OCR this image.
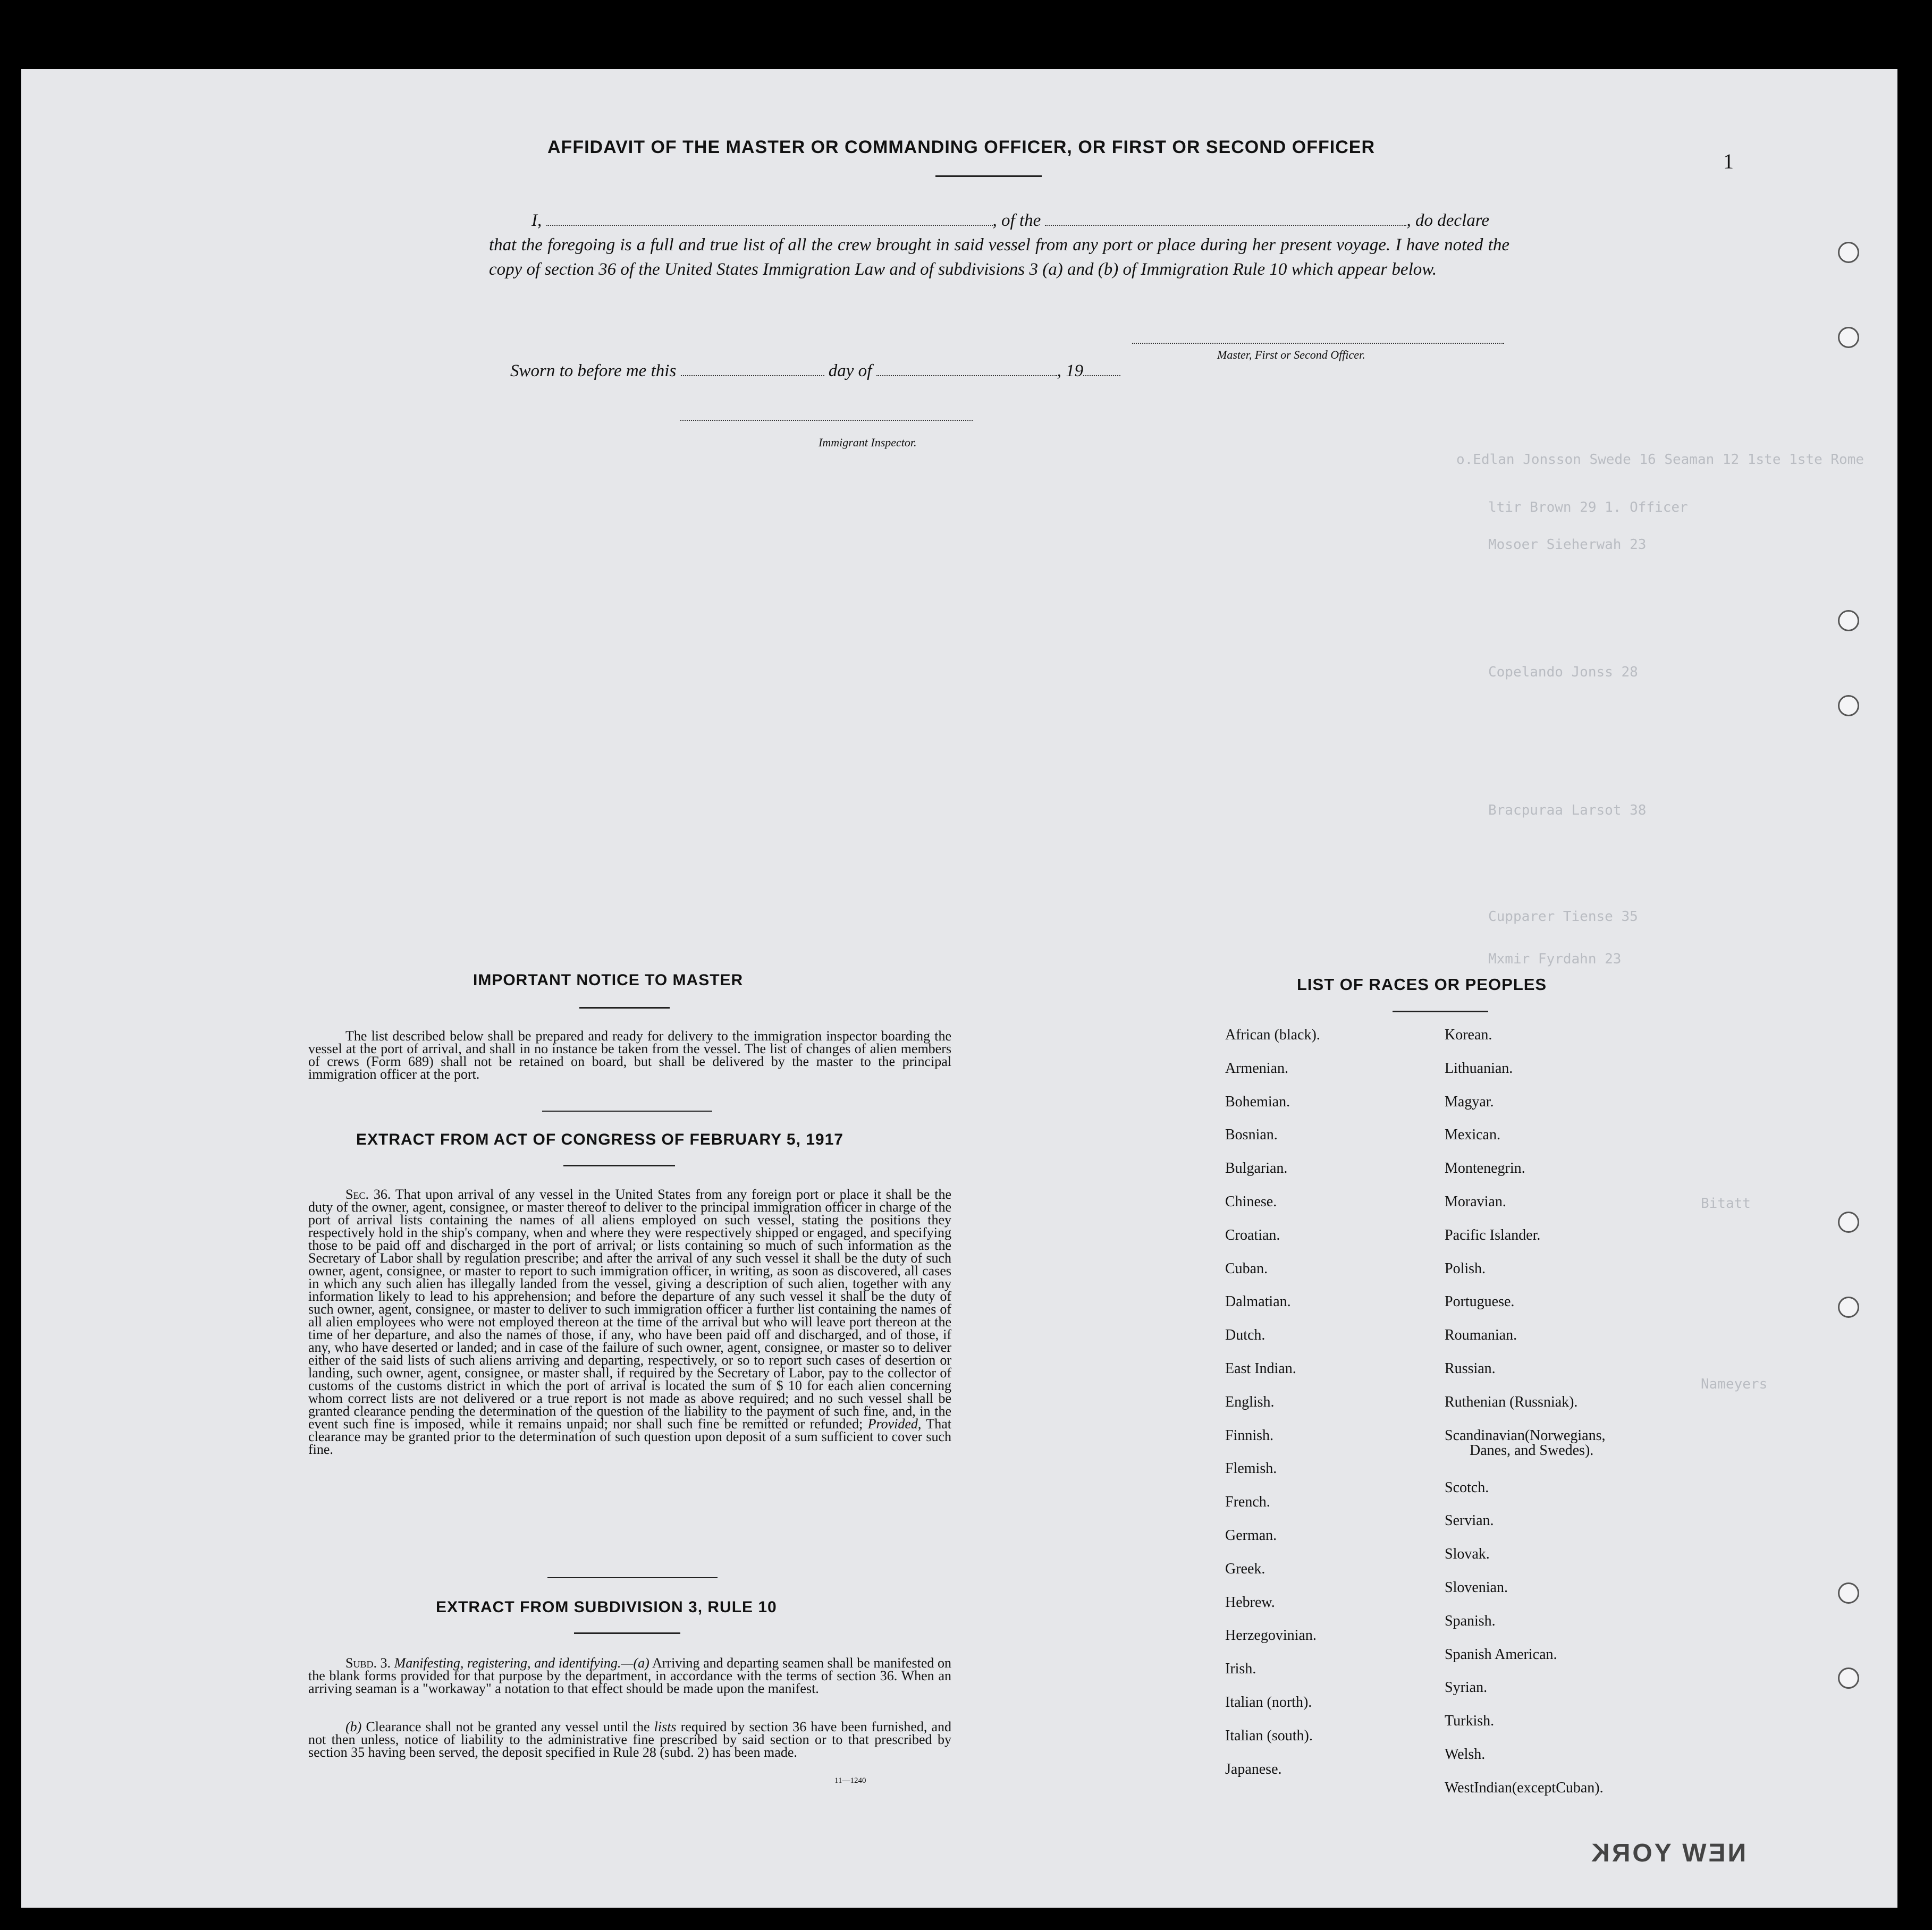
o.Edlan Jonsson Swede 16 Seaman 12 1ste 1ste Rome
ltir Brown 29 1. Officer
Mosoer Sieherwah 23
Copelando Jonss 28
Bracpuraa Larsot 38
Cupparer Tiense 35
Mxmir Fyrdahn 23
Bitatt
Nameyers
1
AFFIDAVIT OF THE MASTER OR COMMANDING OFFICER, OR FIRST OR SECOND OFFICER
I,	, of the	, do declare
that the foregoing is a full and true list of all the crew brought in said vessel from any port or place during her present voyage. I have noted the copy of section 36 of the United States Immigration Law and of subdivisions 3 (a) and (b) of Immigration Rule 10 which appear below.
Master, First or Second Officer.
Sworn to before me this	day of	, 19
Immigrant Inspector.
IMPORTANT NOTICE TO MASTER
The list described below shall be prepared and ready for delivery to the immigration inspector boarding the vessel at the port of arrival, and shall in no instance be taken from the vessel. The list of changes of alien members of crews (Form 689) shall not be retained on board, but shall be delivered by the master to the principal immigration officer at the port.
EXTRACT FROM ACT OF CONGRESS OF FEBRUARY 5, 1917
Sec. 36. That upon arrival of any vessel in the United States from any foreign port or place it shall be the duty of the owner, agent, consignee, or master thereof to deliver to the principal immigration officer in charge of the port of arrival lists containing the names of all aliens employed on such vessel, stating the positions they respectively hold in the ship's company, when and where they were respectively shipped or engaged, and specifying those to be paid off and discharged in the port of arrival; or lists containing so much of such information as the Secretary of Labor shall by regulation prescribe; and after the arrival of any such vessel it shall be the duty of such owner, agent, consignee, or master to report to such immigration officer, in writing, as soon as discovered, all cases in which any such alien has illegally landed from the vessel, giving a description of such alien, together with any information likely to lead to his apprehension; and before the departure of any such vessel it shall be the duty of such owner, agent, consignee, or master to deliver to such immigration officer a further list containing the names of all alien employees who were not employed thereon at the time of the arrival but who will leave port thereon at the time of her departure, and also the names of those, if any, who have been paid off and discharged, and of those, if any, who have deserted or landed; and in case of the failure of such owner, agent, consignee, or master so to deliver either of the said lists of such aliens arriving and departing, respectively, or so to report such cases of desertion or landing, such owner, agent, consignee, or master shall, if required by the Secretary of Labor, pay to the collector of customs of the customs district in which the port of arrival is located the sum of $ 10 for each alien concerning whom correct lists are not delivered or a true report is not made as above required; and no such vessel shall be granted clearance pending the determination of the question of the liability to the payment of such fine, and, in the event such fine is imposed, while it remains unpaid; nor shall such fine be remitted or refunded; Provided, That clearance may be granted prior to the determination of such question upon deposit of a sum sufficient to cover such fine.
EXTRACT FROM SUBDIVISION 3, RULE 10
Subd. 3. Manifesting, registering, and identifying.—(a) Arriving and departing seamen shall be manifested on the blank forms provided for that purpose by the department, in accordance with the terms of section 36. When an arriving seaman is a "workaway" a notation to that effect should be made upon the manifest.
(b) Clearance shall not be granted any vessel until the lists required by section 36 have been furnished, and not then unless, notice of liability to the administrative fine prescribed by said section or to that prescribed by section 35 having been served, the deposit specified in Rule 28 (subd. 2) has been made.
11—1240
LIST OF RACES OR PEOPLES
African (black).
Armenian.
Bohemian.
Bosnian.
Bulgarian.
Chinese.
Croatian.
Cuban.
Dalmatian.
Dutch.
East Indian.
English.
Finnish.
Flemish.
French.
German.
Greek.
Hebrew.
Herzegovinian.
Irish.
Italian (north).
Italian (south).
Japanese.
Korean.
Lithuanian.
Magyar.
Mexican.
Montenegrin.
Moravian.
Pacific Islander.
Polish.
Portuguese.
Roumanian.
Russian.
Ruthenian (Russniak).
Scandinavian(Norwegians,
Danes, and Swedes).
Scotch.
Servian.
Slovak.
Slovenian.
Spanish.
Spanish American.
Syrian.
Turkish.
Welsh.
WestIndian(exceptCuban).
NEW YORK
